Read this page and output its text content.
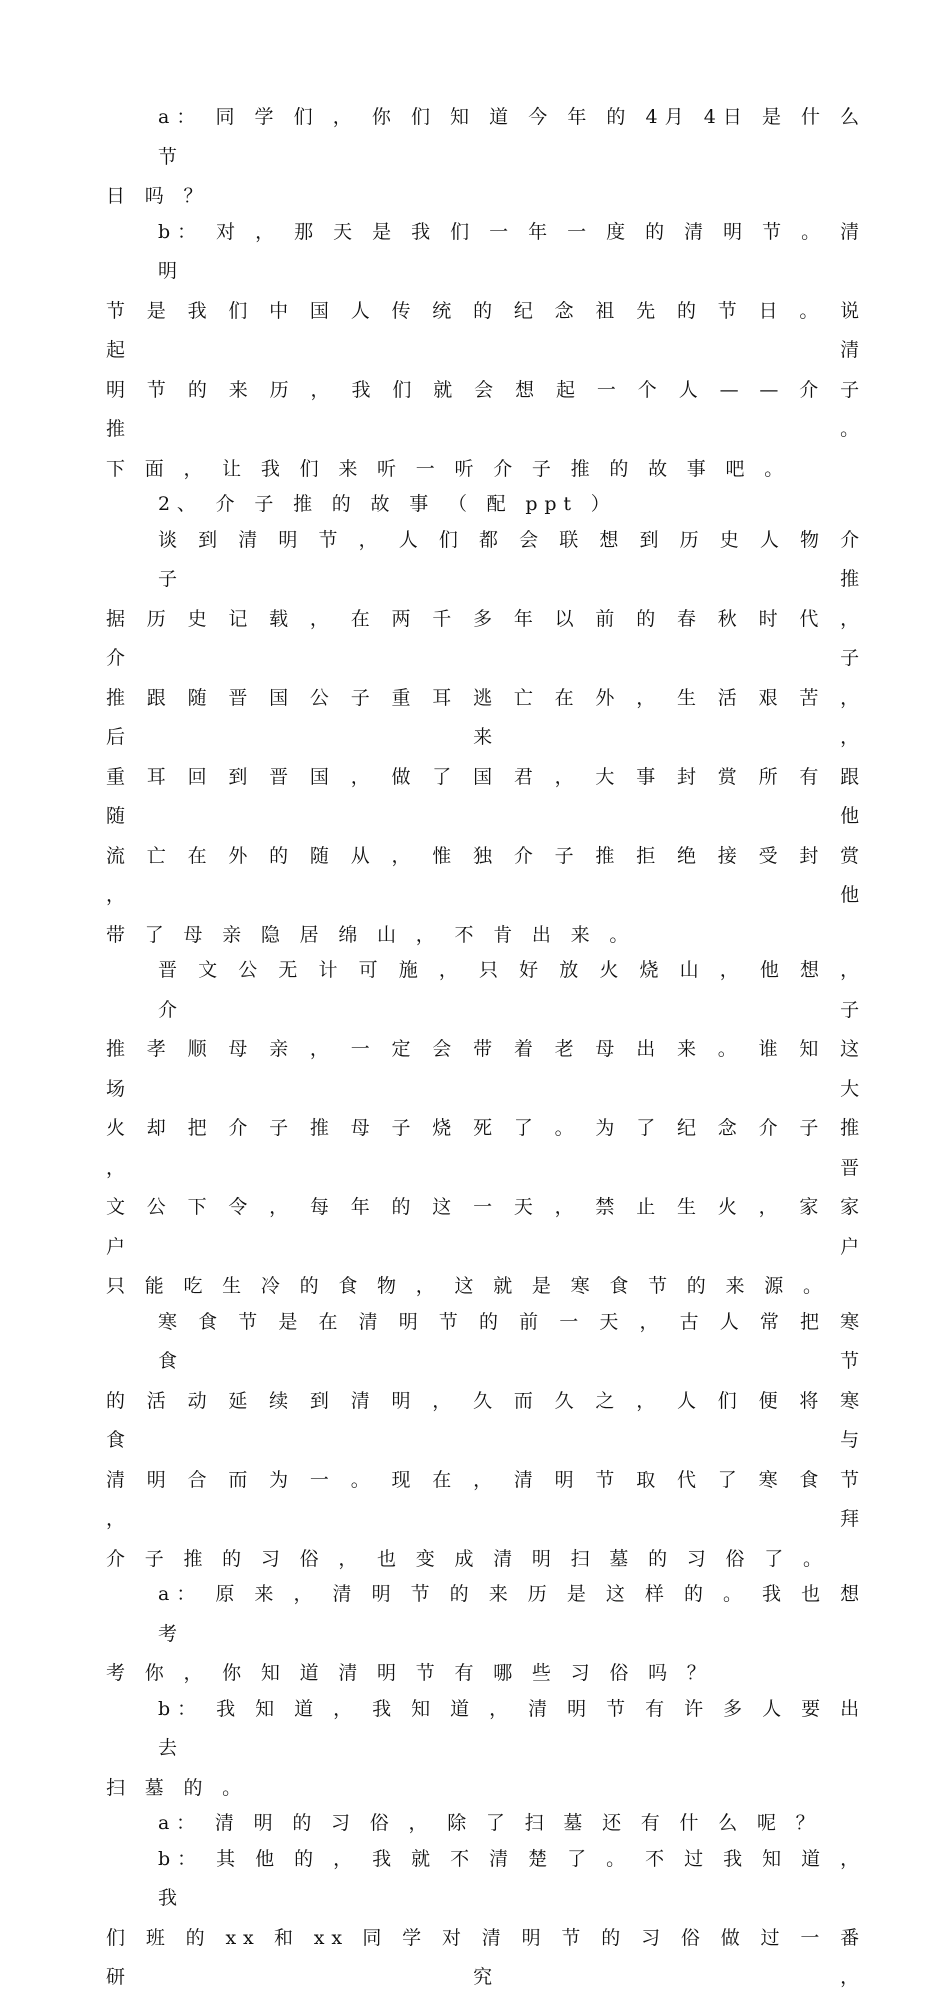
a： 同 学 们 ， 你 们 知 道 今 年 的 4月 4日 是 什 么 节
日 吗 ？
b： 对 ， 那 天 是 我 们 一 年 一 度 的 清 明 节 。 清 明
节 是 我 们 中 国 人 传 统 的 纪 念 祖 先 的 节 日 。 说 起 清
明 节 的 来 历 ， 我 们 就 会 想 起 一 个 人 — — 介 子 推 。
下 面 ， 让 我 们 来 听 一 听 介 子 推 的 故 事 吧 。
2、 介 子 推 的 故 事 （ 配 ppt ）
谈 到 清 明 节 ， 人 们 都 会 联 想 到 历 史 人 物 介 子 推
据 历 史 记 载 ， 在 两 千 多 年 以 前 的 春 秋 时 代 ， 介 子
推 跟 随 晋 国 公 子 重 耳 逃 亡 在 外 ， 生 活 艰 苦 ， 后 来 ，
重 耳 回 到 晋 国 ， 做 了 国 君 ， 大 事 封 赏 所 有 跟 随 他
流 亡 在 外 的 随 从 ， 惟 独 介 子 推 拒 绝 接 受 封 赏 ， 他
带 了 母 亲 隐 居 绵 山 ， 不 肯 出 来 。
晋 文 公 无 计 可 施 ， 只 好 放 火 烧 山 ， 他 想 ， 介 子
推 孝 顺 母 亲 ， 一 定 会 带 着 老 母 出 来 。 谁 知 这 场 大
火 却 把 介 子 推 母 子 烧 死 了 。 为 了 纪 念 介 子 推 ， 晋
文 公 下 令 ， 每 年 的 这 一 天 ， 禁 止 生 火 ， 家 家 户 户
只 能 吃 生 冷 的 食 物 ， 这 就 是 寒 食 节 的 来 源 。
寒 食 节 是 在 清 明 节 的 前 一 天 ， 古 人 常 把 寒 食 节
的 活 动 延 续 到 清 明 ， 久 而 久 之 ， 人 们 便 将 寒 食 与
清 明 合 而 为 一 。 现 在 ， 清 明 节 取 代 了 寒 食 节 ， 拜
介 子 推 的 习 俗 ， 也 变 成 清 明 扫 墓 的 习 俗 了 。
a： 原 来 ， 清 明 节 的 来 历 是 这 样 的 。 我 也 想 考
考 你 ， 你 知 道 清 明 节 有 哪 些 习 俗 吗 ？
b： 我 知 道 ， 我 知 道 ， 清 明 节 有 许 多 人 要 出 去
扫 墓 的 。
a： 清 明 的 习 俗 ， 除 了 扫 墓 还 有 什 么 呢 ？
b： 其 他 的 ， 我 就 不 清 楚 了 。 不 过 我 知 道 ， 我
们 班 的 xx 和 xx 同 学 对 清 明 节 的 习 俗 做 过 一 番 研 究 ，
